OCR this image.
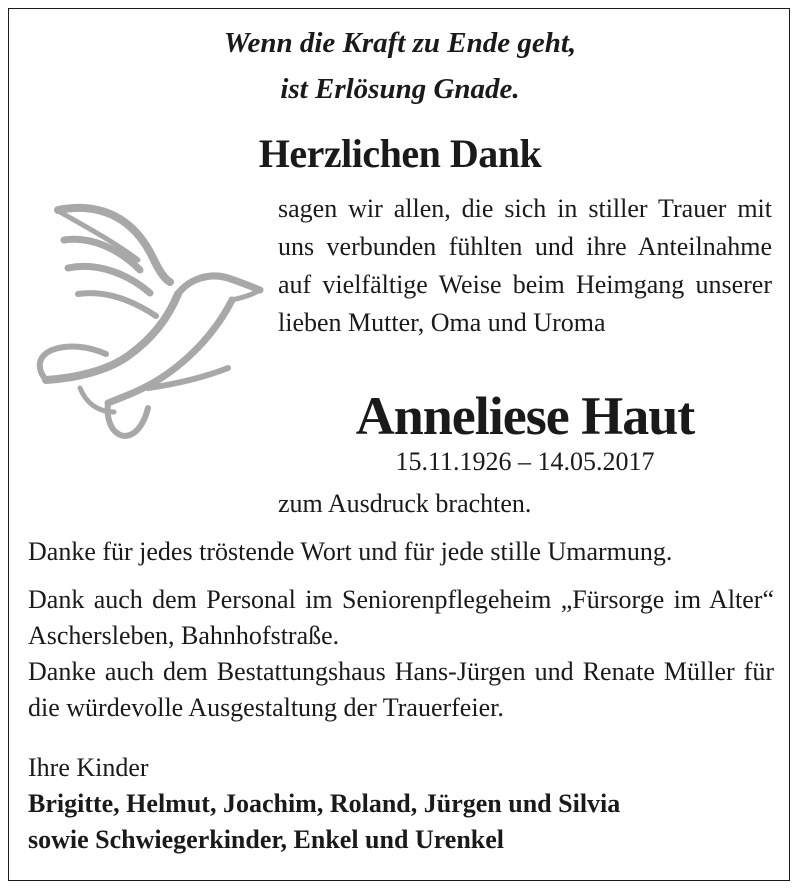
Wenn die Kraft zu Ende geht,
ist Erlösung Gnade.
Herzlichen Dank
sagen wir allen, die sich in stiller Trauer mit uns verbunden fühlten und ihre Anteilnahme auf vielfältige Weise beim Heimgang unserer lieben Mutter, Oma und Uroma
Anneliese Haut
15.11.1926 – 14.05.2017
zum Ausdruck brachten.
Danke für jedes tröstende Wort und für jede stille Umarmung.
Dank auch dem Personal im Seniorenpflegeheim „Fürsorge im Alter“ Aschersleben, Bahnhofstraße.
Danke auch dem Bestattungshaus Hans-Jürgen und Renate Müller für die würdevolle Ausgestaltung der Trauerfeier.
Ihre Kinder
Brigitte, Helmut, Joachim, Roland, Jürgen und Silvia
sowie Schwiegerkinder, Enkel und Urenkel
